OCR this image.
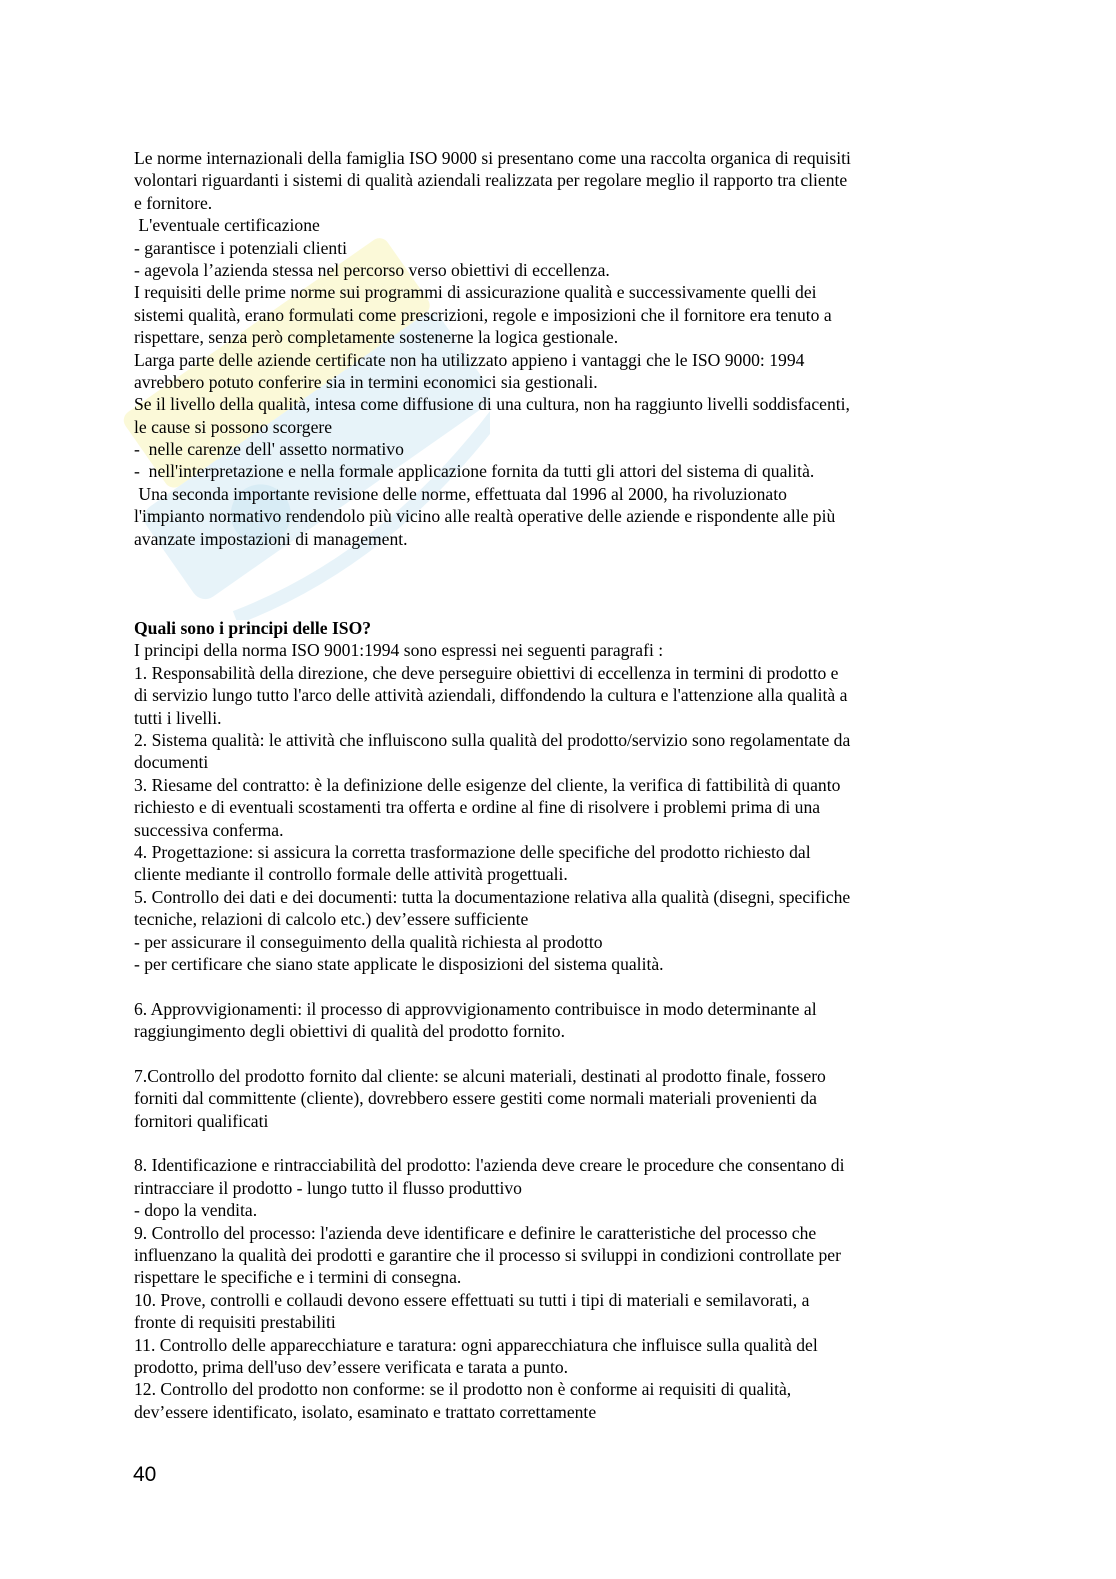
Le norme internazionali della famiglia ISO 9000 si presentano come una raccolta organica di requisiti
volontari riguardanti i sistemi di qualità aziendali realizzata per regolare meglio il rapporto tra cliente
e fornitore.
L'eventuale certificazione
- garantisce i potenziali clienti
- agevola l’azienda stessa nel percorso verso obiettivi di eccellenza.
I requisiti delle prime norme sui programmi di assicurazione qualità e successivamente quelli dei
sistemi qualità, erano formulati come prescrizioni, regole e imposizioni che il fornitore era tenuto a
rispettare, senza però completamente sostenerne la logica gestionale.
Larga parte delle aziende certificate non ha utilizzato appieno i vantaggi che le ISO 9000: 1994
avrebbero potuto conferire sia in termini economici sia gestionali.
Se il livello della qualità, intesa come diffusione di una cultura, non ha raggiunto livelli soddisfacenti,
le cause si possono scorgere
-  nelle carenze dell' assetto normativo
-  nell'interpretazione e nella formale applicazione fornita da tutti gli attori del sistema di qualità.
Una seconda importante revisione delle norme, effettuata dal 1996 al 2000, ha rivoluzionato
l'impianto normativo rendendolo più vicino alle realtà operative delle aziende e rispondente alle più
avanzate impostazioni di management.
Quali sono i principi delle ISO?
I principi della norma ISO 9001:1994 sono espressi nei seguenti paragrafi :
1. Responsabilità della direzione, che deve perseguire obiettivi di eccellenza in termini di prodotto e
di servizio lungo tutto l'arco delle attività aziendali, diffondendo la cultura e l'attenzione alla qualità a
tutti i livelli.
2. Sistema qualità: le attività che influiscono sulla qualità del prodotto/servizio sono regolamentate da
documenti
3. Riesame del contratto: è la definizione delle esigenze del cliente, la verifica di fattibilità di quanto
richiesto e di eventuali scostamenti tra offerta e ordine al fine di risolvere i problemi prima di una
successiva conferma.
4. Progettazione: si assicura la corretta trasformazione delle specifiche del prodotto richiesto dal
cliente mediante il controllo formale delle attività progettuali.
5. Controllo dei dati e dei documenti: tutta la documentazione relativa alla qualità (disegni, specifiche
tecniche, relazioni di calcolo etc.) dev’essere sufficiente
- per assicurare il conseguimento della qualità richiesta al prodotto
- per certificare che siano state applicate le disposizioni del sistema qualità.
6. Approvvigionamenti: il processo di approvvigionamento contribuisce in modo determinante al
raggiungimento degli obiettivi di qualità del prodotto fornito.
7.Controllo del prodotto fornito dal cliente: se alcuni materiali, destinati al prodotto finale, fossero
forniti dal committente (cliente), dovrebbero essere gestiti come normali materiali provenienti da
fornitori qualificati
8. Identificazione e rintracciabilità del prodotto: l'azienda deve creare le procedure che consentano di
rintracciare il prodotto - lungo tutto il flusso produttivo
- dopo la vendita.
9. Controllo del processo: l'azienda deve identificare e definire le caratteristiche del processo che
influenzano la qualità dei prodotti e garantire che il processo si sviluppi in condizioni controllate per
rispettare le specifiche e i termini di consegna.
10. Prove, controlli e collaudi devono essere effettuati su tutti i tipi di materiali e semilavorati, a
fronte di requisiti prestabiliti
11. Controllo delle apparecchiature e taratura: ogni apparecchiatura che influisce sulla qualità del
prodotto, prima dell'uso dev’essere verificata e tarata a punto.
12. Controllo del prodotto non conforme: se il prodotto non è conforme ai requisiti di qualità,
dev’essere identificato, isolato, esaminato e trattato correttamente
40
